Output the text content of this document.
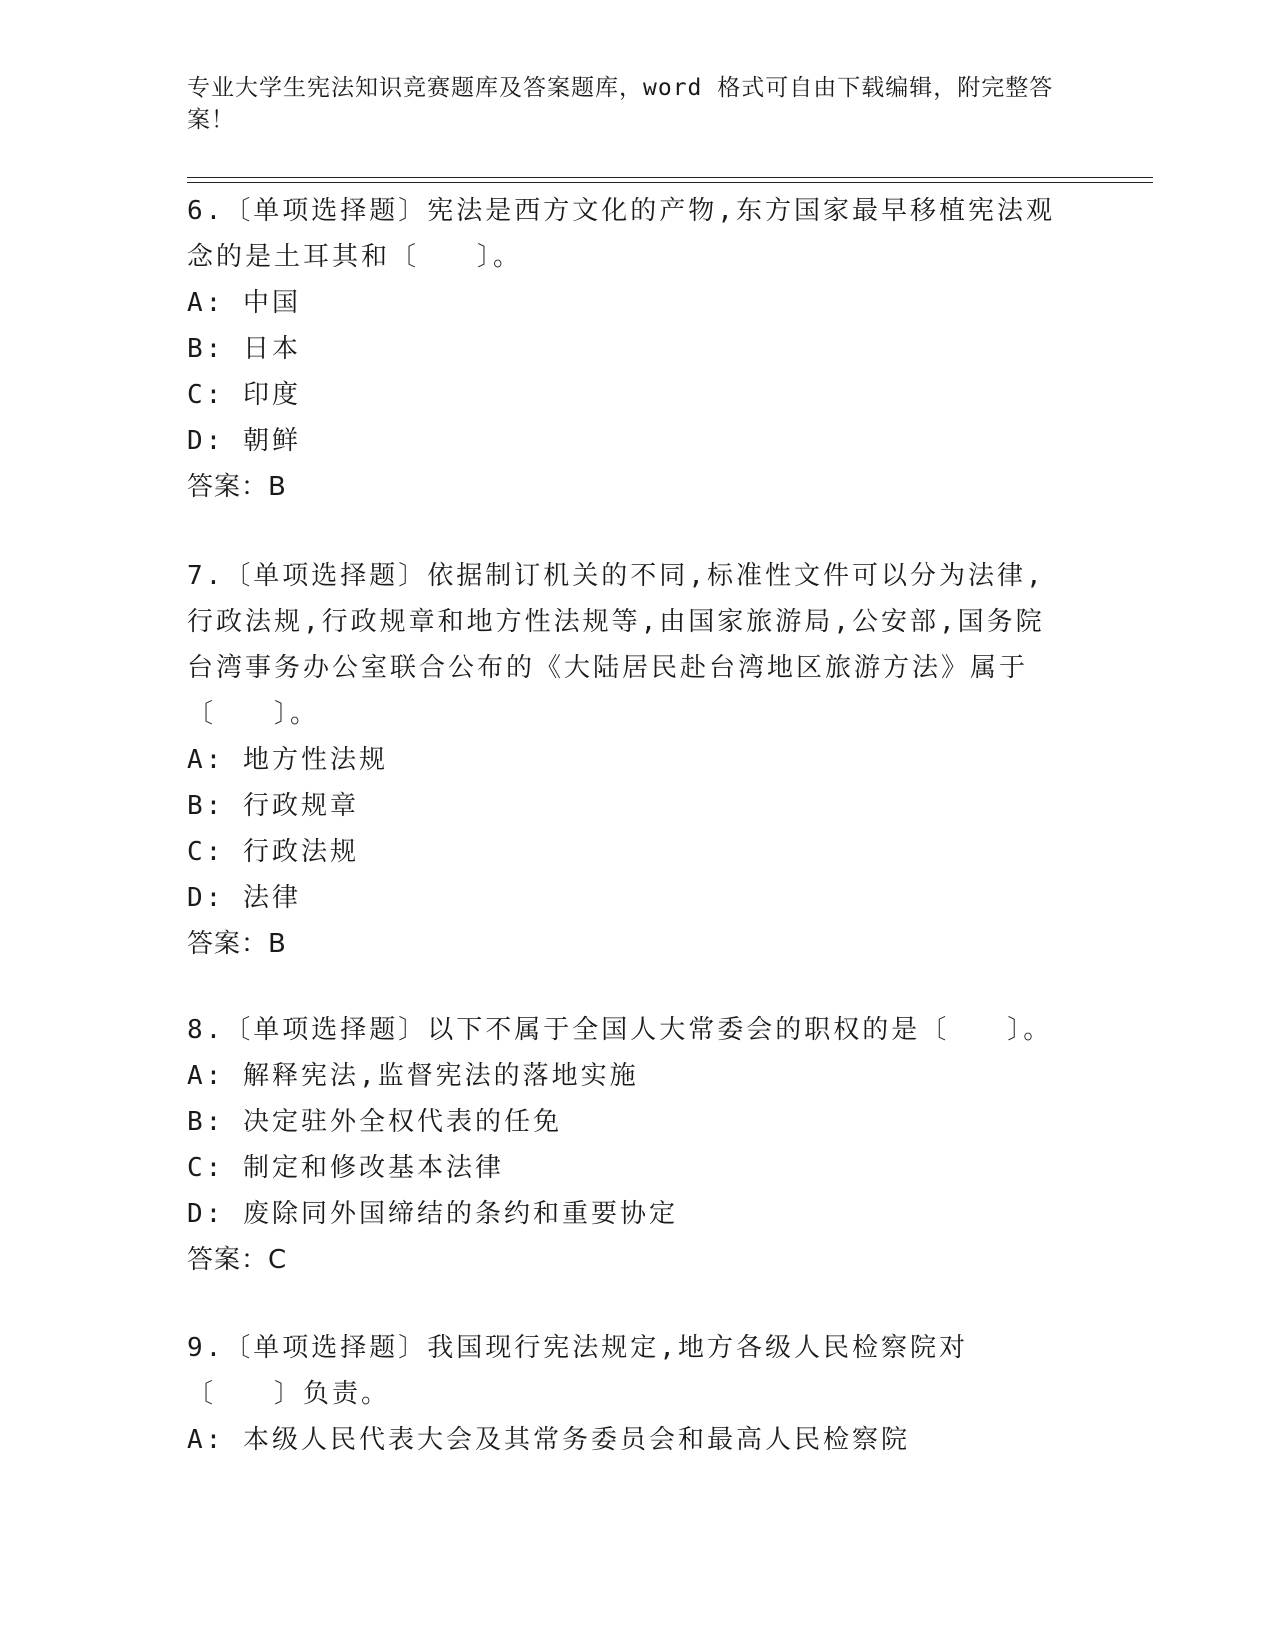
专业大学生宪法知识竞赛题库及答案题库，word 格式可自由下载编辑，附完整答案！

6.〔单项选择题〕宪法是西方文化的产物,东方国家最早移植宪法观念的是土耳其和〔　　〕。

A: 中国
B: 日本
C: 印度
D: 朝鲜
答案：B

7.〔单项选择题〕依据制订机关的不同,标准性文件可以分为法律,行政法规,行政规章和地方性法规等,由国家旅游局,公安部,国务院台湾事务办公室联合公布的《大陆居民赴台湾地区旅游方法》属于〔　　〕。

A: 地方性法规
B: 行政规章
C: 行政法规
D: 法律
答案：B

8.〔单项选择题〕以下不属于全国人大常委会的职权的是〔　　〕。

A: 解释宪法,监督宪法的落地实施
B: 决定驻外全权代表的任免
C: 制定和修改基本法律
D: 废除同外国缔结的条约和重要协定
答案：C

9.〔单项选择题〕我国现行宪法规定,地方各级人民检察院对〔　　〕负责。

A: 本级人民代表大会及其常务委员会和最高人民检察院
